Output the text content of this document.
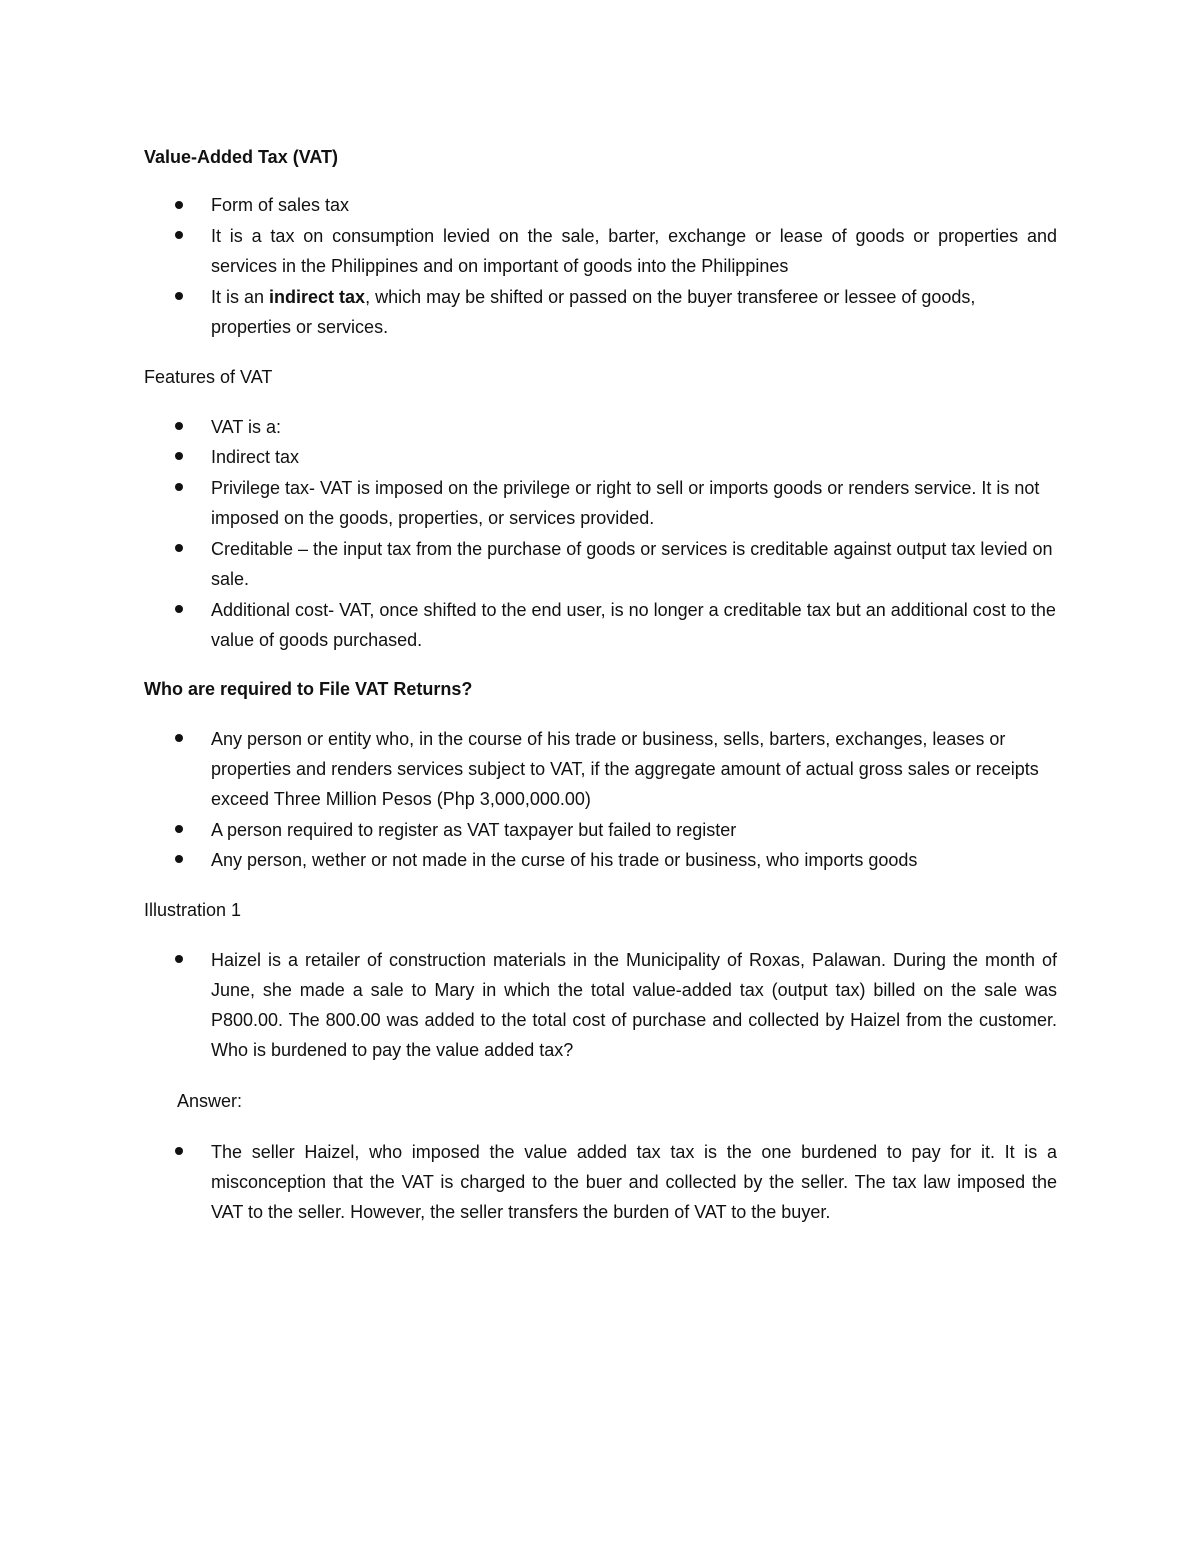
Value-Added Tax (VAT)

Form of sales tax

It is a tax on consumption levied on the sale, barter, exchange or lease of goods or properties and services in the Philippines and on important of goods into the Philippines

It is an indirect tax, which may be shifted or passed on the buyer transferee or lessee of goods, properties or services.

Features of VAT

VAT is a:

Indirect tax

Privilege tax- VAT is imposed on the privilege or right to sell or imports goods or renders service. It is not imposed on the goods, properties, or services provided.

Creditable – the input tax from the purchase of goods or services is creditable against output tax levied on sale.

Additional cost- VAT, once shifted to the end user, is no longer a creditable tax but an additional cost to the value of goods purchased.

Who are required to File VAT Returns?

Any person or entity who, in the course of his trade or business, sells, barters, exchanges, leases or properties and renders services subject to VAT, if the aggregate amount of actual gross sales or receipts exceed Three Million Pesos (Php 3,000,000.00)

A person required to register as VAT taxpayer but failed to register

Any person, wether or not made in the curse of his trade or business, who imports goods

Illustration 1

Haizel is a retailer of construction materials in the Municipality of Roxas, Palawan. During the month of June, she made a sale to Mary in which the total value-added tax (output tax) billed on the sale was P800.00. The 800.00 was added to the total cost of purchase and collected by Haizel from the customer. Who is burdened to pay the value added tax?

Answer:

The seller Haizel, who imposed the value added tax tax is the one burdened to pay for it. It is a misconception that the VAT is charged to the buer and collected by the seller. The tax law imposed the VAT to the seller. However, the seller transfers the burden of VAT to the buyer.
